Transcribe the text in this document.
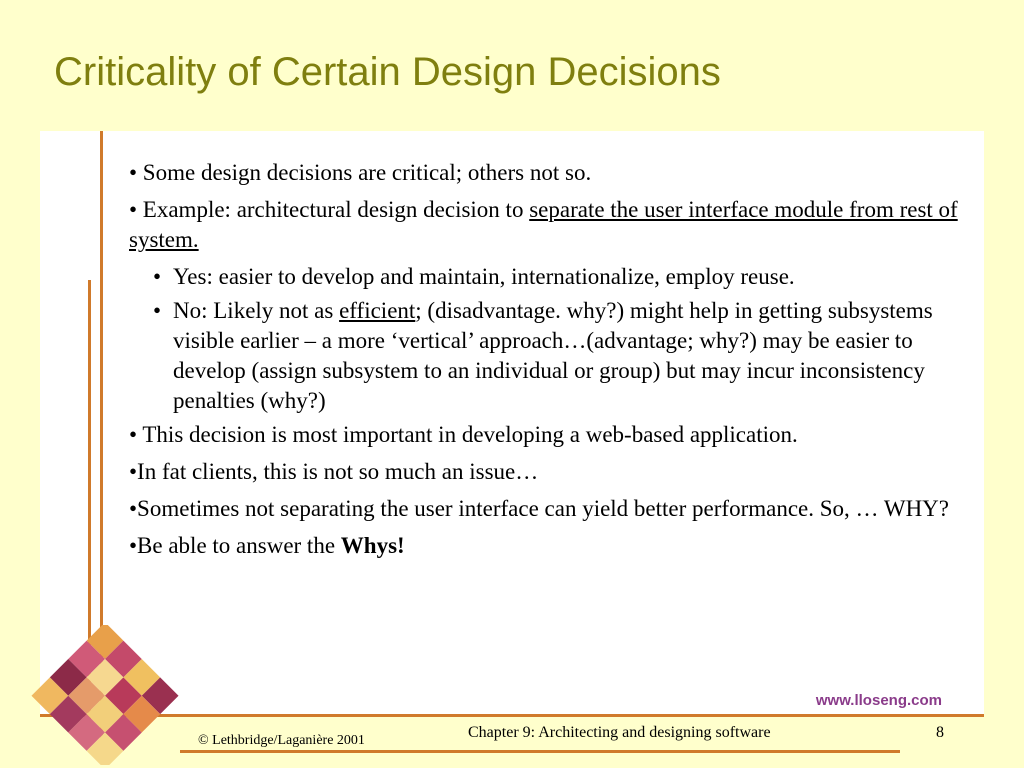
Criticality of Certain Design Decisions

• Some design decisions are critical; others not so.

• Example: architectural design decision to separate the user interface module from rest of system.

• Yes: easier to develop and maintain, internationalize, employ reuse.

• No: Likely not as efficient; (disadvantage. why?) might help in getting subsystems visible earlier – a more ‘vertical’ approach…(advantage; why?) may be easier to develop (assign subsystem to an individual or group) but may incur inconsistency penalties (why?)

• This decision is most important in developing a web-based application.

•In fat clients, this is not so much an issue…

•Sometimes not separating the user interface can yield better performance. So, … WHY?

•Be able to answer the Whys!

www.lloseng.com
© Lethbridge/Laganière 2001	Chapter 9: Architecting and designing software	8
